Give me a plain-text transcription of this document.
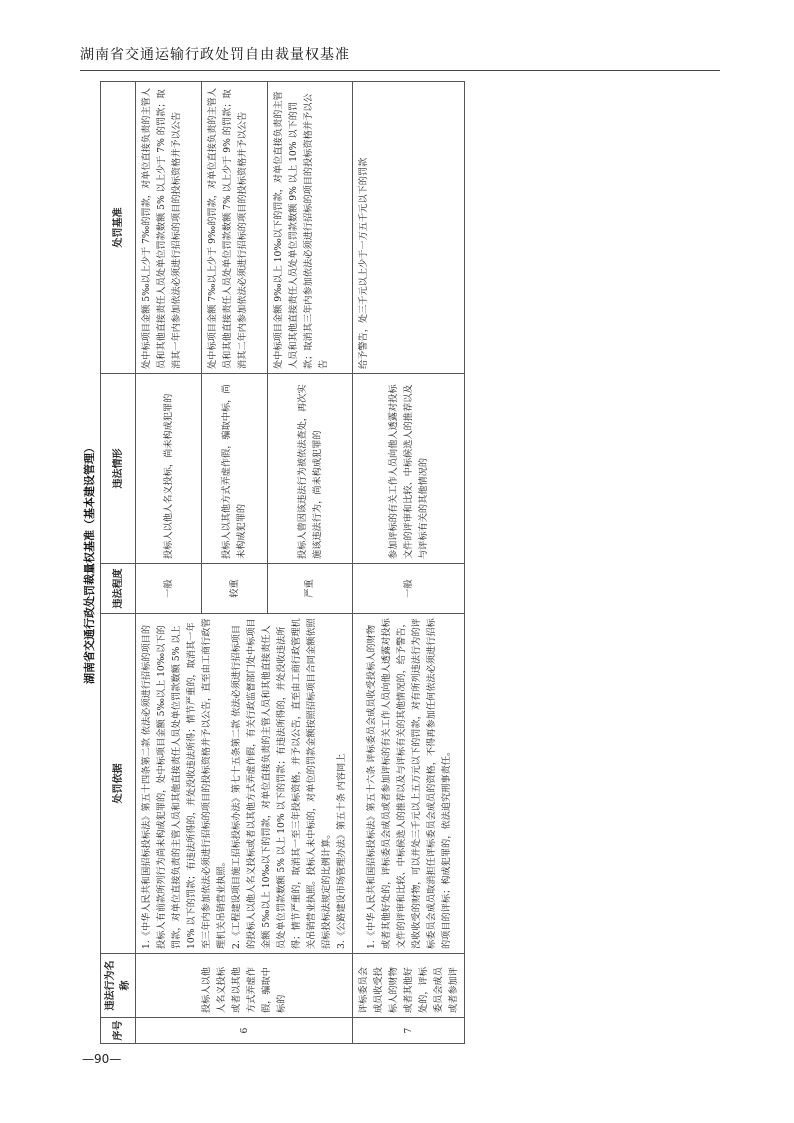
湖南省交通运输行政处罚自由裁量权基准
湖南省交通行政处罚裁量权基准（基本建设管理）
序号	违法行为名称	处罚依据	违法程度	违法情形	处罚基准
6	投标人以他人名义投标或者以其他方式弄虚作假，骗取中标的	1.《中华人民共和国招标投标法》第五十四条第二款 依法必须进行招标的项目的投标人有前款所列行为尚未构成犯罪的，处中标项目金额 5‰以上 10‰以下的罚款，对单位直接负责的主管人员和其他直接责任人员处单位罚款数额 5% 以上 10% 以下的罚款；有违法所得的，并处没收违法所得；情节严重的，取消其一年至三年内参加依法必须进行招标的项目的投标资格并予以公告，直至由工商行政管理机关吊销营业执照。 2.《工程建设项目施工招标投标办法》第七十五条第二款 依法必须进行招标项目的投标人以他人名义投标或者以其他方式弄虚作假，有关行政监督部门处中标项目金额 5‰以上 10‰以下的罚款，对单位直接负责的主管人员和其他直接责任人员处单位罚款数额 5% 以上 10% 以下的罚款；有违法所得的，并处没收违法所得；情节严重的，取消其一至三年投标资格，并予以公告，直至由工商行政管理机关吊销营业执照。投标人未中标的，对单位的罚款金额按照招标项目合同金额依照招标投标法规定的比例计算。 3.《公路建设市场管理办法》第五十条 内容同上	一般	投标人以他人名义投标，尚未构成犯罪的	处中标项目金额 5‰以上少于 7‰的罚款，对单位直接负责的主管人员和其他直接责任人员处单位罚款数额 5% 以上少于 7% 的罚款；取消其一年内参加依法必须进行招标的项目的投标资格并予以公告
			较重	投标人以其他方式弄虚作假，骗取中标，尚未构成犯罪的	处中标项目金额 7‰以上少于 9‰的罚款，对单位直接负责的主管人员和其他直接责任人员处单位罚款数额 7% 以上少于 9% 的罚款；取消其二年内参加依法必须进行招标的项目的投标资格并予以公告
			严重	投标人曾因该违法行为被依法查处，再次实施该违法行为，尚未构成犯罪的	处中标项目金额 9‰以上 10‰以下的罚款，对单位直接负责的主管人员和其他直接责任人员处单位罚款数额 9% 以上 10% 以下的罚款；取消其三年内参加依法必须进行招标的项目的投标资格并予以公告
7	评标委员会成员收受投标人的财物或者其他好处的，评标委员会成员或者参加评	1.《中华人民共和国招标投标法》第五十六条 评标委员会成员收受投标人的财物或者其他好处的，评标委员会成员或者参加评标的有关工作人员向他人透露对投标文件的评审和比较、中标候选人的推荐以及与评标有关的其他情况的，给予警告，没收收受的财物，可以并处三千元以上五万元以下的罚款，对有所列违法行为的评标委员会成员取消担任评标委员会成员的资格，不得再参加任何依法必须进行招标的项目的评标；构成犯罪的，依法追究刑事责任。	一般	参加评标的有关工作人员向他人透露对投标文件的评审和比较、中标候选人的推荐以及与评标有关的其他情况的	给予警告，处三千元以上少于一万五千元以下的罚款
—90—
